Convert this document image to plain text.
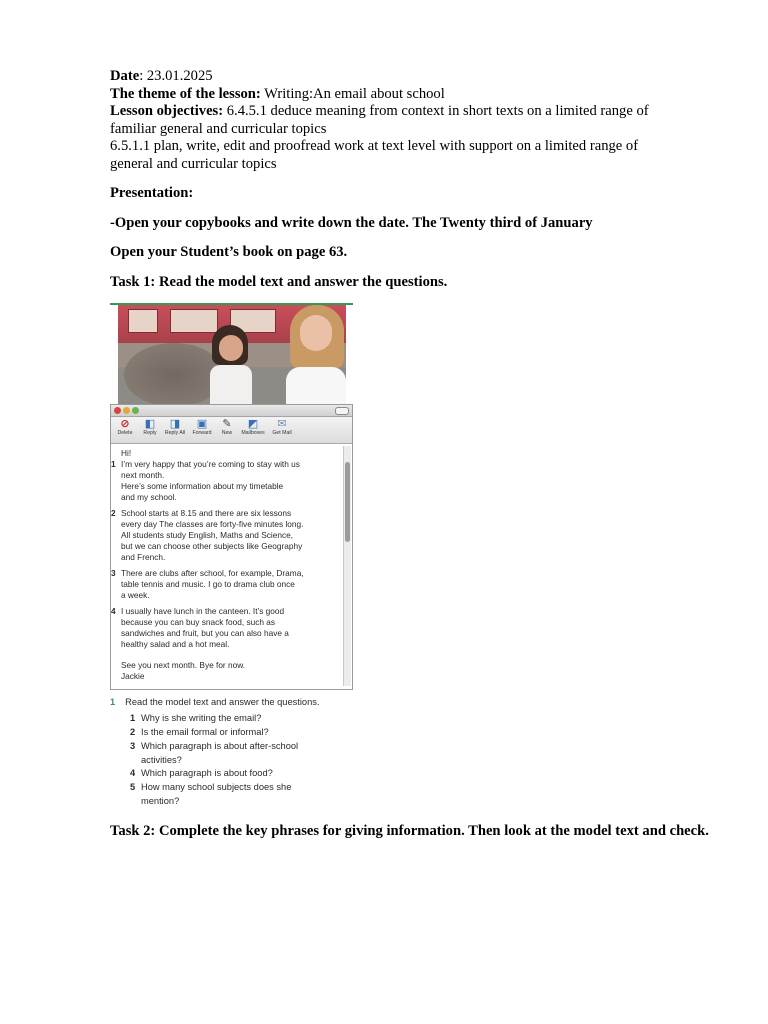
Date: 23.01.2025

The theme of the lesson: Writing:An email about school

Lesson objectives: 6.4.5.1 deduce meaning from context in short texts on a limited range of

familiar general and curricular topics

6.5.1.1 plan, write, edit and proofread work at text level with support on a limited range of

general and curricular topics

Presentation:

-Open your copybooks and write down the date. The Twenty third of January

Open your Student’s book on page 63.

Task 1: Read the model text and answer the questions.

⊘
Delete
◧
Reply
◨
Reply All
▣
Forward
✎
New
◩
Mailboxes
✉
Get Mail
Hi!
1 I’m very happy that you’re coming to stay with us
next month.
Here’s some information about my timetable
and my school.
2 School starts at 8.15 and there are six lessons
every day The classes are forty-five minutes long.
All students study English, Maths and Science,
but we can choose other subjects like Geography
and French.
3 There are clubs after school, for example, Drama,
table tennis and music. I go to drama club once
a week.
4 I usually have lunch in the canteen. It’s good
because you can buy snack food, such as
sandwiches and fruit, but you can also have a
healthy salad and a hot meal.
See you next month. Bye for now.
Jackie
1 Read the model text and answer the questions.
1 Why is she writing the email?
2 Is the email formal or informal?
3 Which paragraph is about after-school
activities?
4 Which paragraph is about food?
5 How many school subjects does she
mention?
Task 2: Complete the key phrases for giving information. Then look at the model text and check.
